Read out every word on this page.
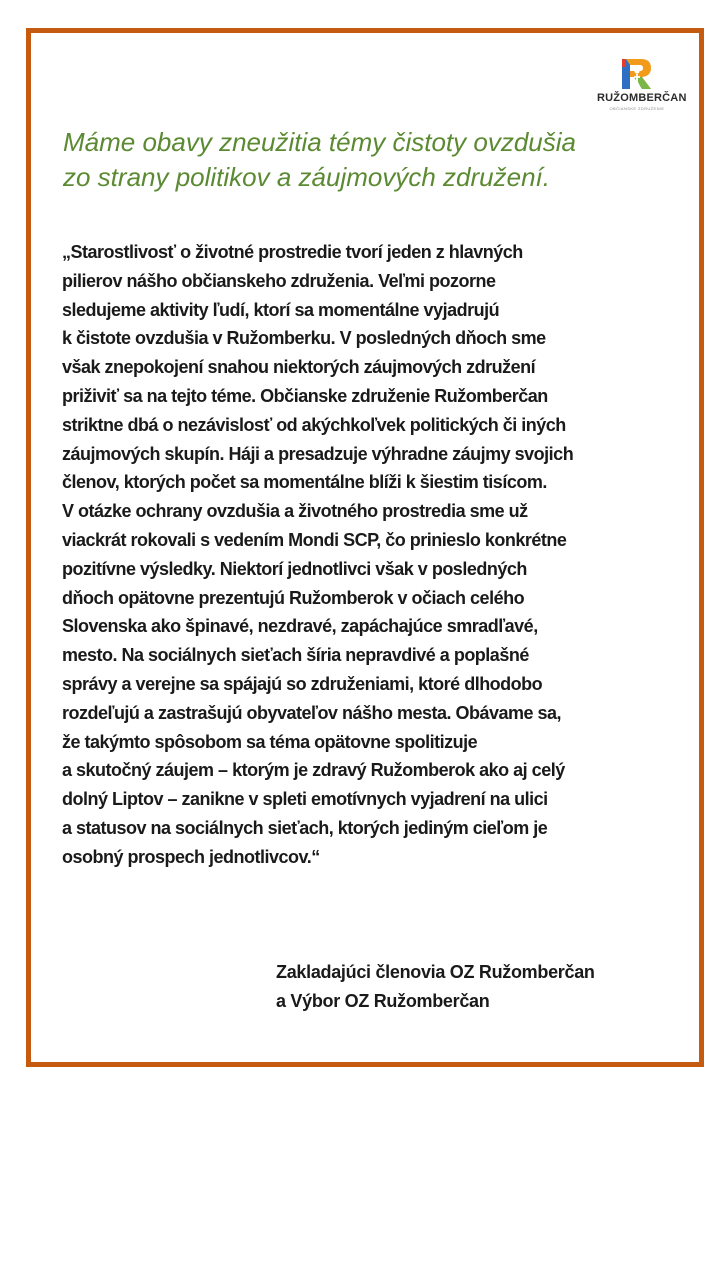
RUŽOMBERČAN
OBČIANSKE ZDRUŽENIE
Máme obavy zneužitia témy čistoty ovzdušia
zo strany politikov a záujmových združení.
„Starostlivosť o životné prostredie tvorí jeden z hlavných
pilierov nášho občianskeho združenia. Veľmi pozorne
sledujeme aktivity ľudí, ktorí sa momentálne vyjadrujú
k čistote ovzdušia v Ružomberku. V posledných dňoch sme
však znepokojení snahou niektorých záujmových združení
priživiť sa na tejto téme. Občianske združenie Ružomberčan
striktne dbá o nezávislosť od akýchkoľvek politických či iných
záujmových skupín. Háji a presadzuje výhradne záujmy svojich
členov, ktorých počet sa momentálne blíži k šiestim tisícom.
V otázke ochrany ovzdušia a životného prostredia sme už
viackrát rokovali s vedením Mondi SCP, čo prinieslo konkrétne
pozitívne výsledky. Niektorí jednotlivci však v posledných
dňoch opätovne prezentujú Ružomberok v očiach celého
Slovenska ako špinavé, nezdravé, zapáchajúce smradľavé,
mesto. Na sociálnych sieťach šíria nepravdivé a poplašné
správy a verejne sa spájajú so združeniami, ktoré dlhodobo
rozdeľujú a zastrašujú obyvateľov nášho mesta. Obávame sa,
že takýmto spôsobom sa téma opätovne spolitizuje
a skutočný záujem – ktorým je zdravý Ružomberok ako aj celý
dolný Liptov – zanikne v spleti emotívnych vyjadrení na ulici
a statusov na sociálnych sieťach, ktorých jediným cieľom je
osobný prospech jednotlivcov.“
Zakladajúci členovia OZ Ružomberčan
a Výbor OZ Ružomberčan
